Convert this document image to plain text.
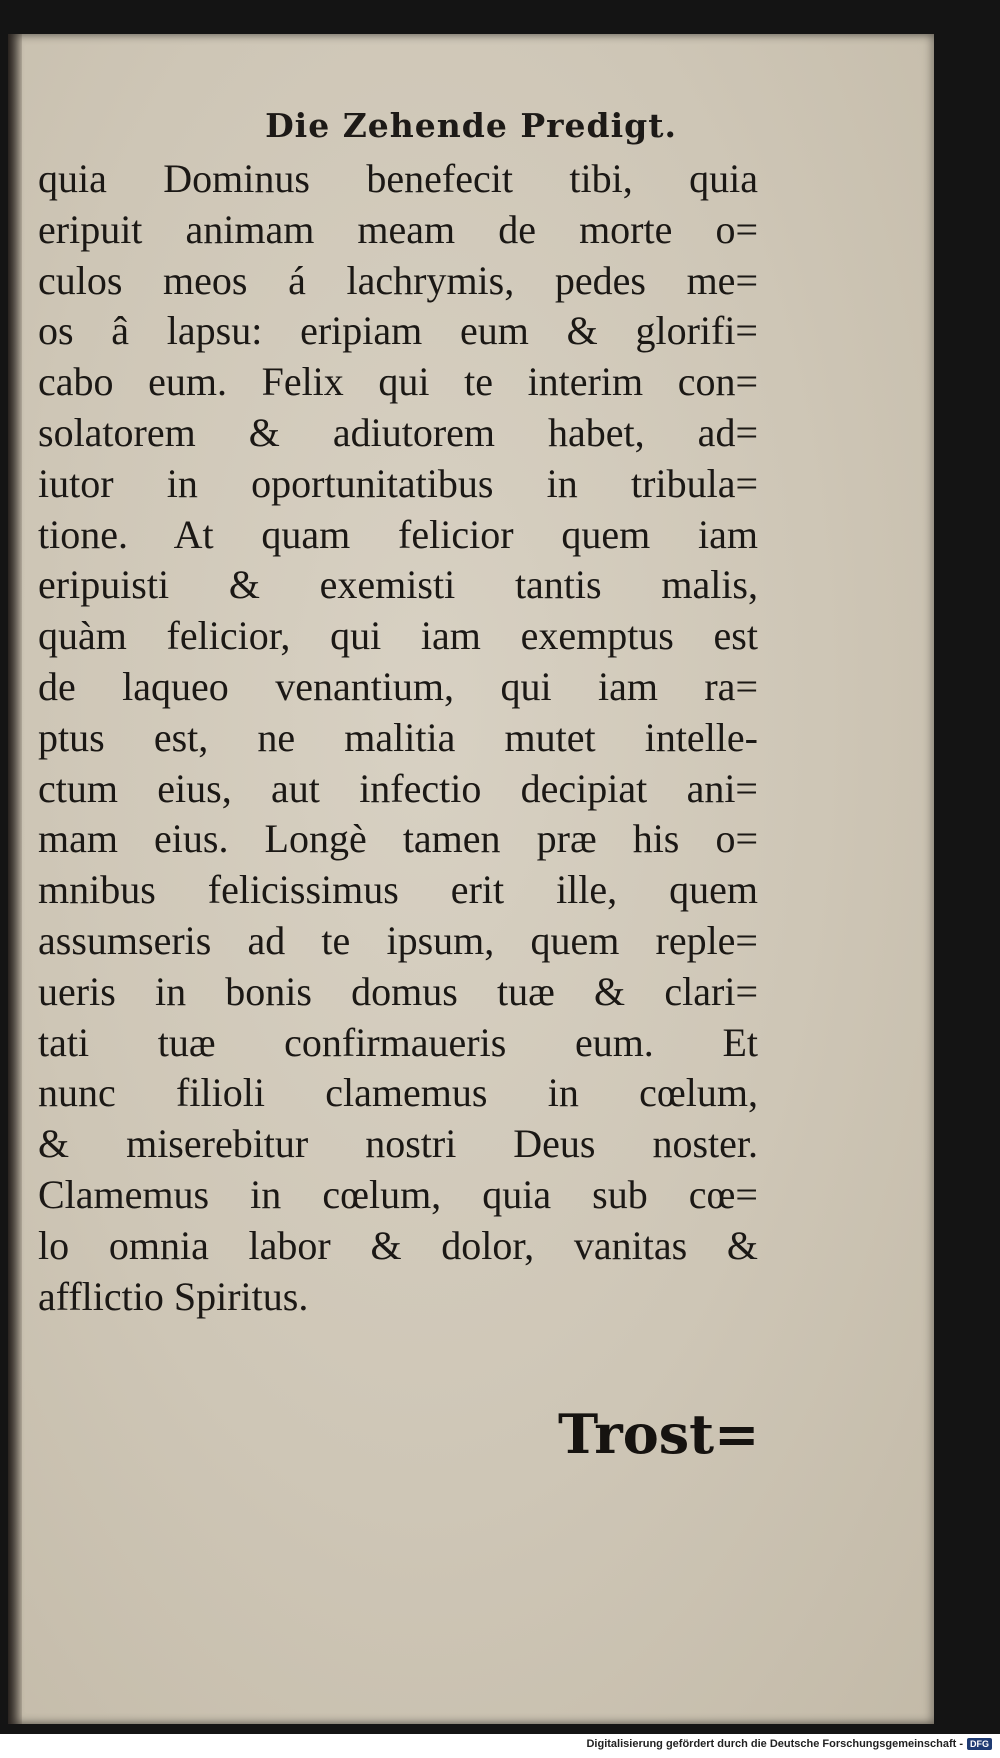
Die Zehende Predigt.
quia Dominus benefecit tibi, quia
eripuit animam meam de morte o=
culos meos á lachrymis, pedes me=
os â lapsu: eripiam eum & glorifi=
cabo eum. Felix qui te interim con=
solatorem & adiutorem habet, ad=
iutor in oportunitatibus in tribula=
tione. At quam felicior quem iam
eripuisti & exemisti tantis malis,
quàm felicior, qui iam exemptus est
de laqueo venantium, qui iam ra=
ptus est, ne malitia mutet intelle-
ctum eius, aut infectio decipiat ani=
mam eius. Longè tamen præ his o=
mnibus felicissimus erit ille, quem
assumseris ad te ipsum, quem reple=
ueris in bonis domus tuæ & clari=
tati tuæ confirmaueris eum. Et
nunc filioli clamemus in cœlum,
& miserebitur nostri Deus noster.
Clamemus in cœlum, quia sub cœ=
lo omnia labor & dolor, vanitas &
afflictio Spiritus.
Trost=
Digitalisierung gefördert durch die Deutsche Forschungsgemeinschaft - DFG
